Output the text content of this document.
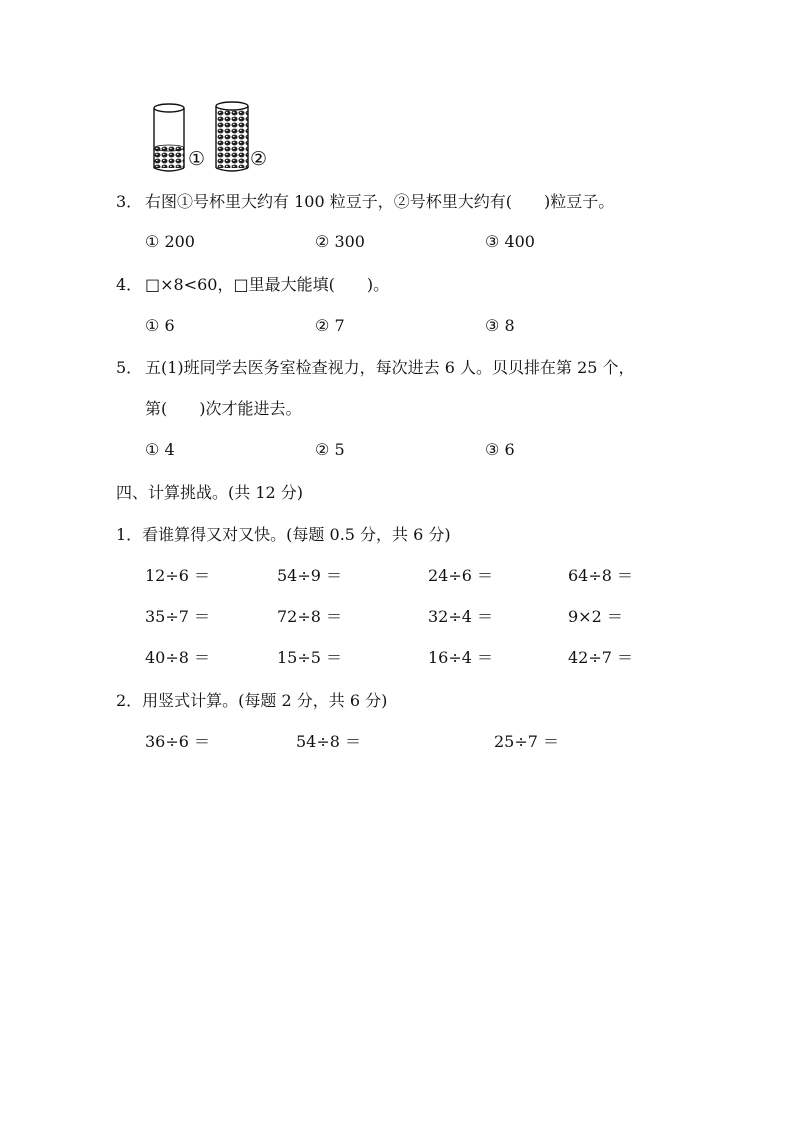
① ②
3． 右图①号杯里大约有 100 粒豆子，②号杯里大约有(　　)粒豆子。
① 200	② 300	③ 400
4． □×8<60，□里最大能填(　　)。
① 6	② 7	③ 8
5． 五(1)班同学去医务室检查视力，每次进去 6 人。贝贝排在第 25 个，
第(　　)次才能进去。
① 4	② 5	③ 6
四、计算挑战。(共 12 分)
1．看谁算得又对又快。(每题 0.5 分，共 6 分)
12÷6 ＝	54÷9 ＝	24÷6 ＝	64÷8 ＝
35÷7 ＝	72÷8 ＝	32÷4 ＝	9×2 ＝
40÷8 ＝	15÷5 ＝	16÷4 ＝	42÷7 ＝
2．用竖式计算。(每题 2 分，共 6 分)
36÷6 ＝	54÷8 ＝	25÷7 ＝
